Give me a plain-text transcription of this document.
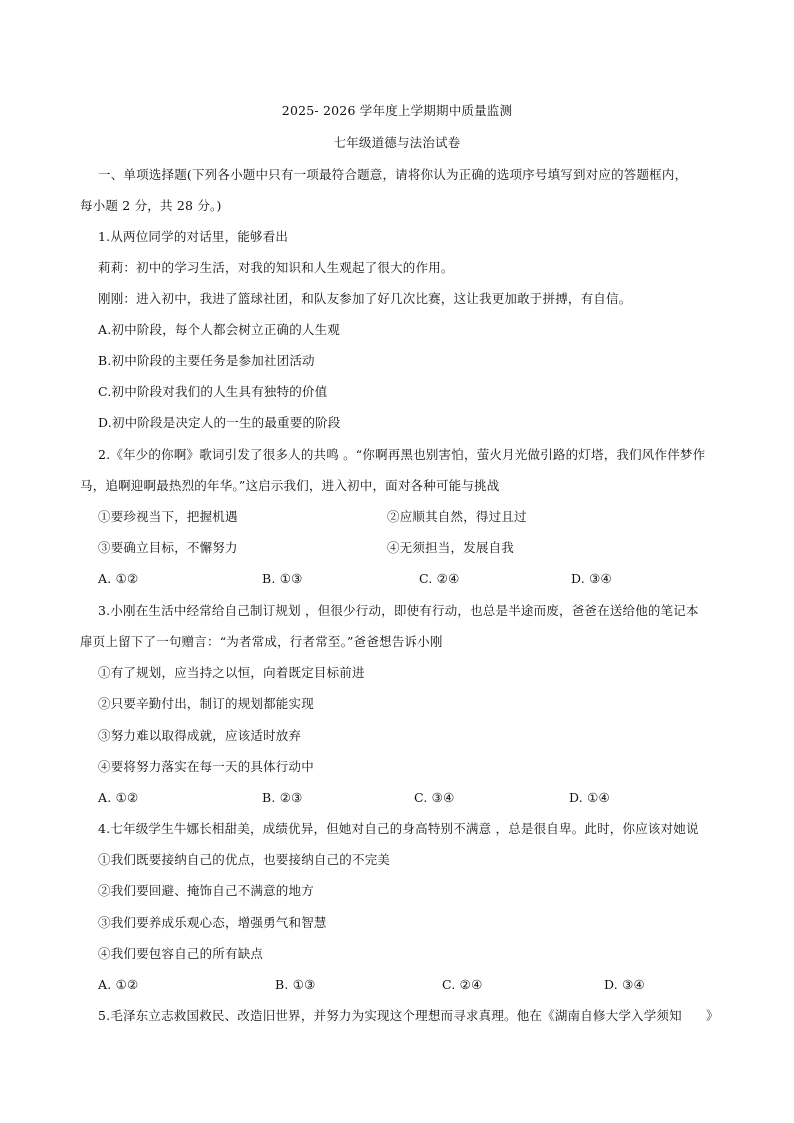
2025- 2026 学年度上学期期中质量监测
七年级道德与法治试卷
一、单项选择题(下列各小题中只有一项最符合题意，请将你认为正确的选项序号填写到对应的答题框内，
每小题 2 分，共 28 分。)
1.从两位同学的对话里，能够看出
莉莉：初中的学习生活，对我的知识和人生观起了很大的作用。
刚刚：进入初中，我进了篮球社团，和队友参加了好几次比赛，这让我更加敢于拼搏，有自信。
A.初中阶段，每个人都会树立正确的人生观
B.初中阶段的主要任务是参加社团活动
C.初中阶段对我们的人生具有独特的价值
D.初中阶段是决定人的一生的最重要的阶段
2.《年少的你啊》歌词引发了很多人的共鸣 。“你啊再黑也别害怕，萤火月光做引路的灯塔，我们风作伴梦作
马，追啊迎啊最热烈的年华。”这启示我们，进入初中，面对各种可能与挑战
①要珍视当下，把握机遇	②应顺其自然，得过且过
③要确立目标，不懈努力	④无须担当，发展自我
A. ①②	B. ①③	C. ②④	D. ③④
3.小刚在生活中经常给自己制订规划 ，但很少行动，即使有行动，也总是半途而废，爸爸在送给他的笔记本
扉页上留下了一句赠言：“为者常成，行者常至。”爸爸想告诉小刚
①有了规划，应当持之以恒，向着既定目标前进
②只要辛勤付出，制订的规划都能实现
③努力难以取得成就，应该适时放弃
④要将努力落实在每一天的具体行动中
A. ①②	B. ②③	C. ③④	D. ①④
4.七年级学生牛娜长相甜美，成绩优异，但她对自己的身高特别不满意 ，总是很自卑。此时，你应该对她说
①我们既要接纳自己的优点，也要接纳自己的不完美
②我们要回避、掩饰自己不满意的地方
③我们要养成乐观心态，增强勇气和智慧
④我们要包容自己的所有缺点
A. ①②	B. ①③	C. ②④	D. ③④
5.毛泽东立志救国救民、改造旧世界，并努力为实现这个理想而寻求真理。他在《湖南自修大学入学须知 》
